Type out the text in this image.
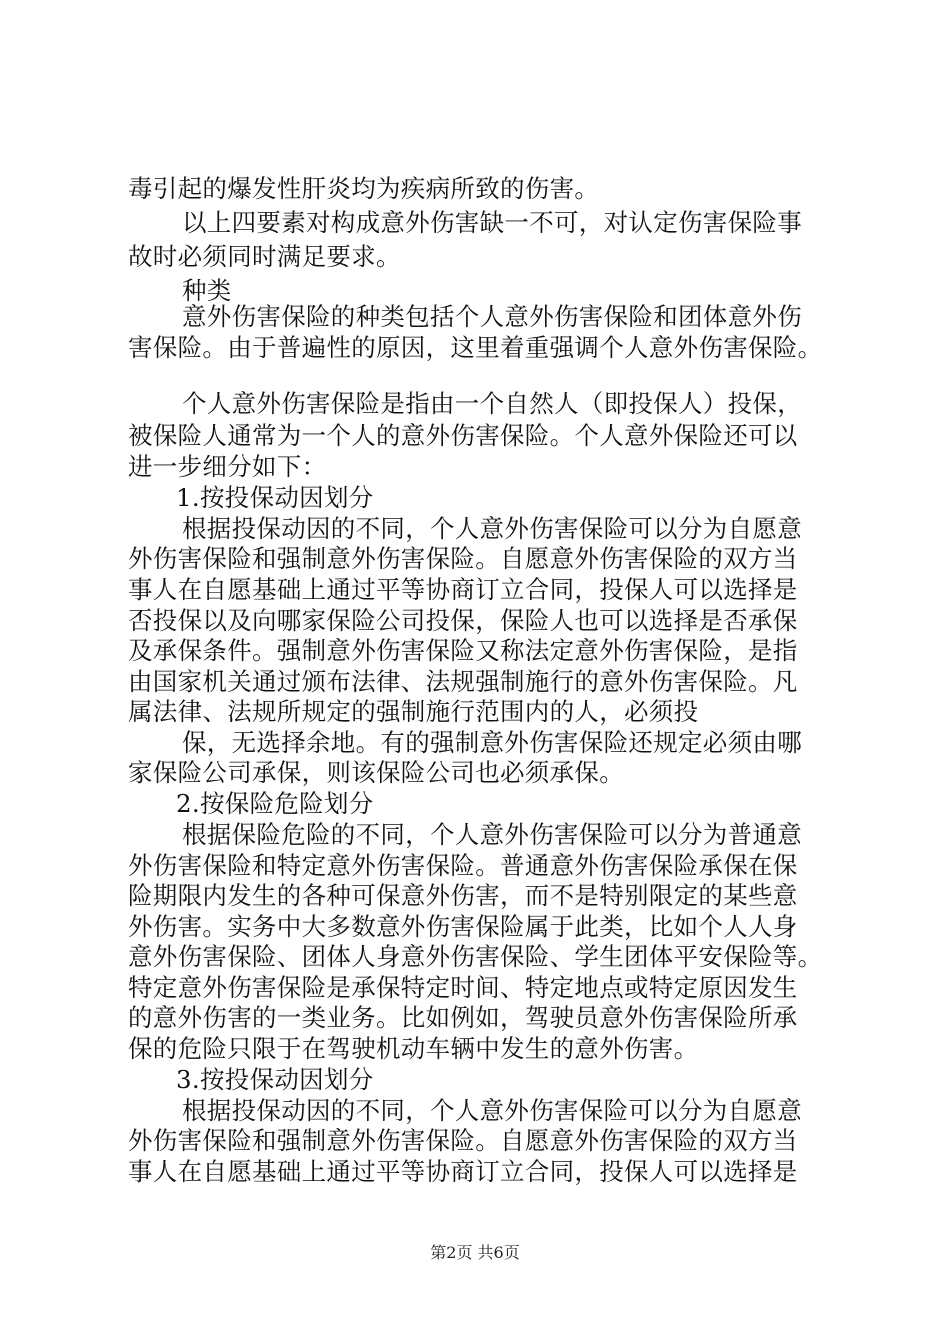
毒引起的爆发性肝炎均为疾病所致的伤害。
以上四要素对构成意外伤害缺一不可，对认定伤害保险事
故时必须同时满足要求。
种类
意外伤害保险的种类包括个人意外伤害保险和团体意外伤
害保险。由于普遍性的原因，这里着重强调个人意外伤害保险。
个人意外伤害保险是指由一个自然人（即投保人）投保，
被保险人通常为一个人的意外伤害保险。个人意外保险还可以
进一步细分如下：
1.按投保动因划分
根据投保动因的不同，个人意外伤害保险可以分为自愿意
外伤害保险和强制意外伤害保险。自愿意外伤害保险的双方当
事人在自愿基础上通过平等协商订立合同，投保人可以选择是
否投保以及向哪家保险公司投保，保险人也可以选择是否承保
及承保条件。强制意外伤害保险又称法定意外伤害保险，是指
由国家机关通过颁布法律、法规强制施行的意外伤害保险。凡
属法律、法规所规定的强制施行范围内的人，必须投
保，无选择余地。有的强制意外伤害保险还规定必须由哪
家保险公司承保，则该保险公司也必须承保。
2.按保险危险划分
根据保险危险的不同，个人意外伤害保险可以分为普通意
外伤害保险和特定意外伤害保险。普通意外伤害保险承保在保
险期限内发生的各种可保意外伤害，而不是特别限定的某些意
外伤害。实务中大多数意外伤害保险属于此类，比如个人人身
意外伤害保险、团体人身意外伤害保险、学生团体平安保险等。
特定意外伤害保险是承保特定时间、特定地点或特定原因发生
的意外伤害的一类业务。比如例如，驾驶员意外伤害保险所承
保的危险只限于在驾驶机动车辆中发生的意外伤害。
3.按投保动因划分
根据投保动因的不同，个人意外伤害保险可以分为自愿意
外伤害保险和强制意外伤害保险。自愿意外伤害保险的双方当
事人在自愿基础上通过平等协商订立合同，投保人可以选择是
第2页 共6页
